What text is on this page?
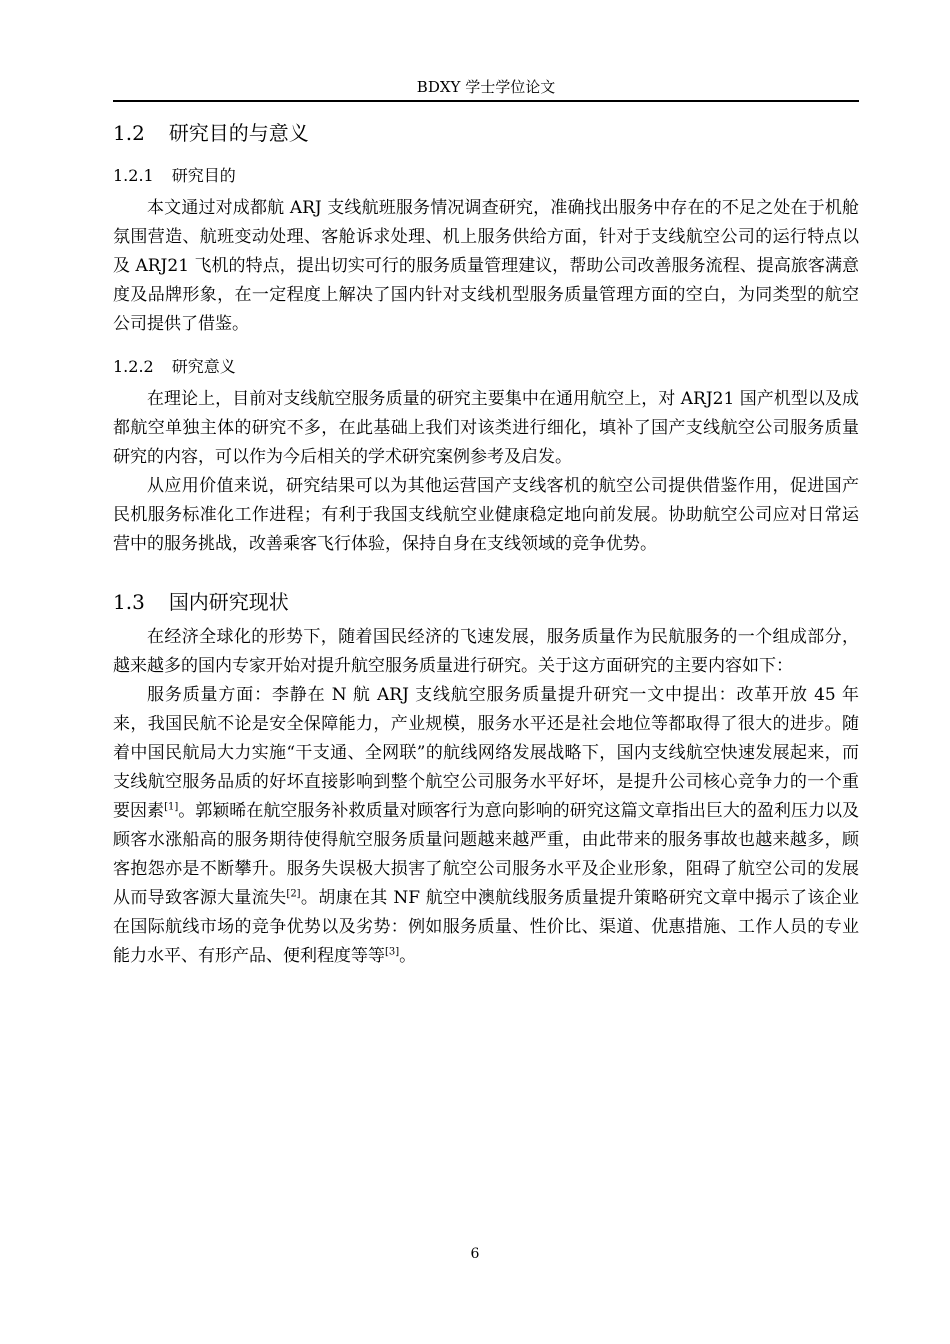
BDXY 学士学位论文
1.2 研究目的与意义
1.2.1 研究目的

本文通过对成都航 ARJ 支线航班服务情况调查研究，准确找出服务中存在的不足之处在于机舱氛围营造、航班变动处理、客舱诉求处理、机上服务供给方面，针对于支线航空公司的运行特点以及 ARJ21 飞机的特点，提出切实可行的服务质量管理建议，帮助公司改善服务流程、提高旅客满意度及品牌形象，在一定程度上解决了国内针对支线机型服务质量管理方面的空白，为同类型的航空公司提供了借鉴。

1.2.2 研究意义

在理论上，目前对支线航空服务质量的研究主要集中在通用航空上，对 ARJ21 国产机型以及成都航空单独主体的研究不多，在此基础上我们对该类进行细化，填补了国产支线航空公司服务质量研究的内容，可以作为今后相关的学术研究案例参考及启发。

从应用价值来说，研究结果可以为其他运营国产支线客机的航空公司提供借鉴作用，促进国产民机服务标准化工作进程；有利于我国支线航空业健康稳定地向前发展。协助航空公司应对日常运营中的服务挑战，改善乘客飞行体验，保持自身在支线领域的竞争优势。

1.3 国内研究现状

在经济全球化的形势下，随着国民经济的飞速发展，服务质量作为民航服务的一个组成部分，越来越多的国内专家开始对提升航空服务质量进行研究。关于这方面研究的主要内容如下：

服务质量方面：李静在 N 航 ARJ 支线航空服务质量提升研究一文中提出：改革开放 45 年来，我国民航不论是安全保障能力，产业规模，服务水平还是社会地位等都取得了很大的进步。随着中国民航局大力实施“干支通、全网联”的航线网络发展战略下，国内支线航空快速发展起来，而支线航空服务品质的好坏直接影响到整个航空公司服务水平好坏，是提升公司核心竞争力的一个重要因素[1]。郭颖晞在航空服务补救质量对顾客行为意向影响的研究这篇文章指出巨大的盈利压力以及顾客水涨船高的服务期待使得航空服务质量问题越来越严重，由此带来的服务事故也越来越多，顾客抱怨亦是不断攀升。服务失误极大损害了航空公司服务水平及企业形象，阻碍了航空公司的发展从而导致客源大量流失[2]。胡康在其 NF 航空中澳航线服务质量提升策略研究文章中揭示了该企业在国际航线市场的竞争优势以及劣势：例如服务质量、性价比、渠道、优惠措施、工作人员的专业能力水平、有形产品、便利程度等等[3]。

6
